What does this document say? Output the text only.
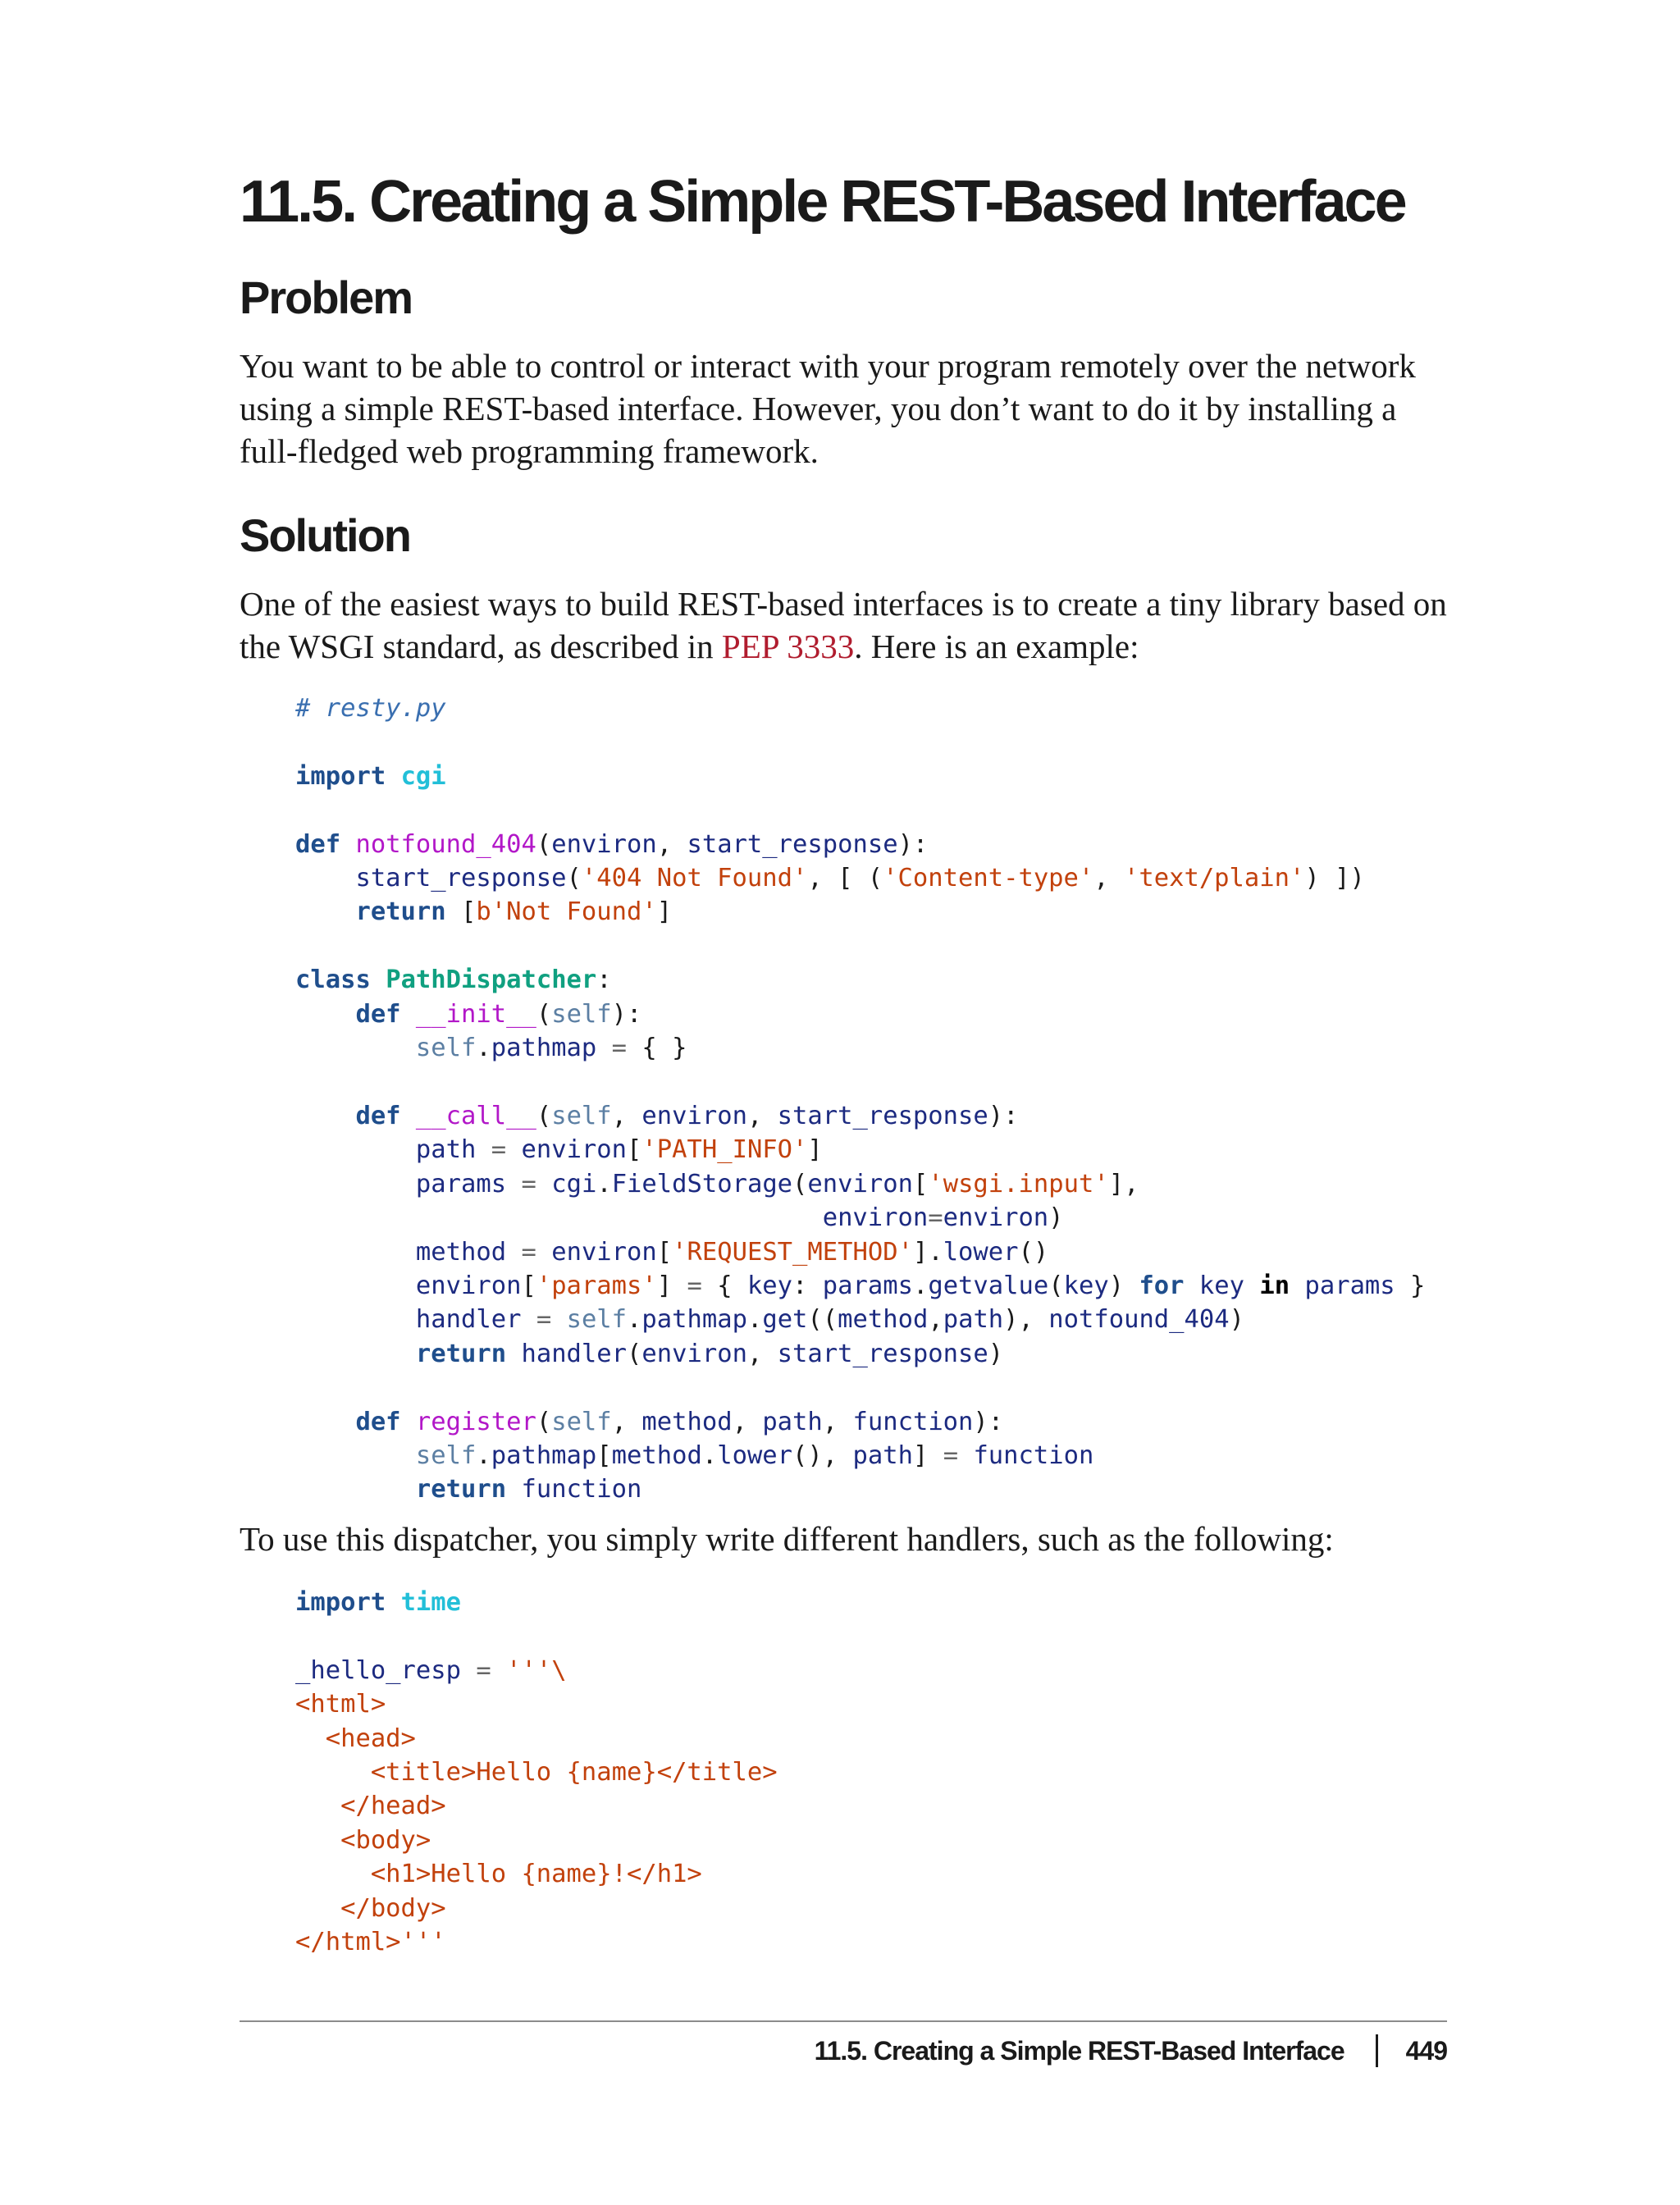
11.5. Creating a Simple REST-Based Interface
Problem

You want to be able to control or interact with your program remotely over the network using a simple REST-based interface. However, you don’t want to do it by installing a full-fledged web programming framework.

Solution

One of the easiest ways to build REST-based interfaces is to create a tiny library based on the WSGI standard, as described in PEP 3333. Here is an example:

# resty.py

import cgi

def notfound_404(environ, start_response):
start_response('404 Not Found', [ ('Content-type', 'text/plain') ])
return [b'Not Found']

class PathDispatcher:
def __init__(self):
self.pathmap = { }

def __call__(self, environ, start_response):
path = environ['PATH_INFO']
params = cgi.FieldStorage(environ['wsgi.input'],
environ=environ)
method = environ['REQUEST_METHOD'].lower()
environ['params'] = { key: params.getvalue(key) for key in params }
handler = self.pathmap.get((method,path), notfound_404)
return handler(environ, start_response)

def register(self, method, path, function):
self.pathmap[method.lower(), path] = function
return function

To use this dispatcher, you simply write different handlers, such as the following:

import time

_hello_resp = '''\
<html>
<head>
<title>Hello {name}</title>
</head>
<body>
<h1>Hello {name}!</h1>
</body>
</html>'''
11.5. Creating a Simple REST-Based Interface 449
